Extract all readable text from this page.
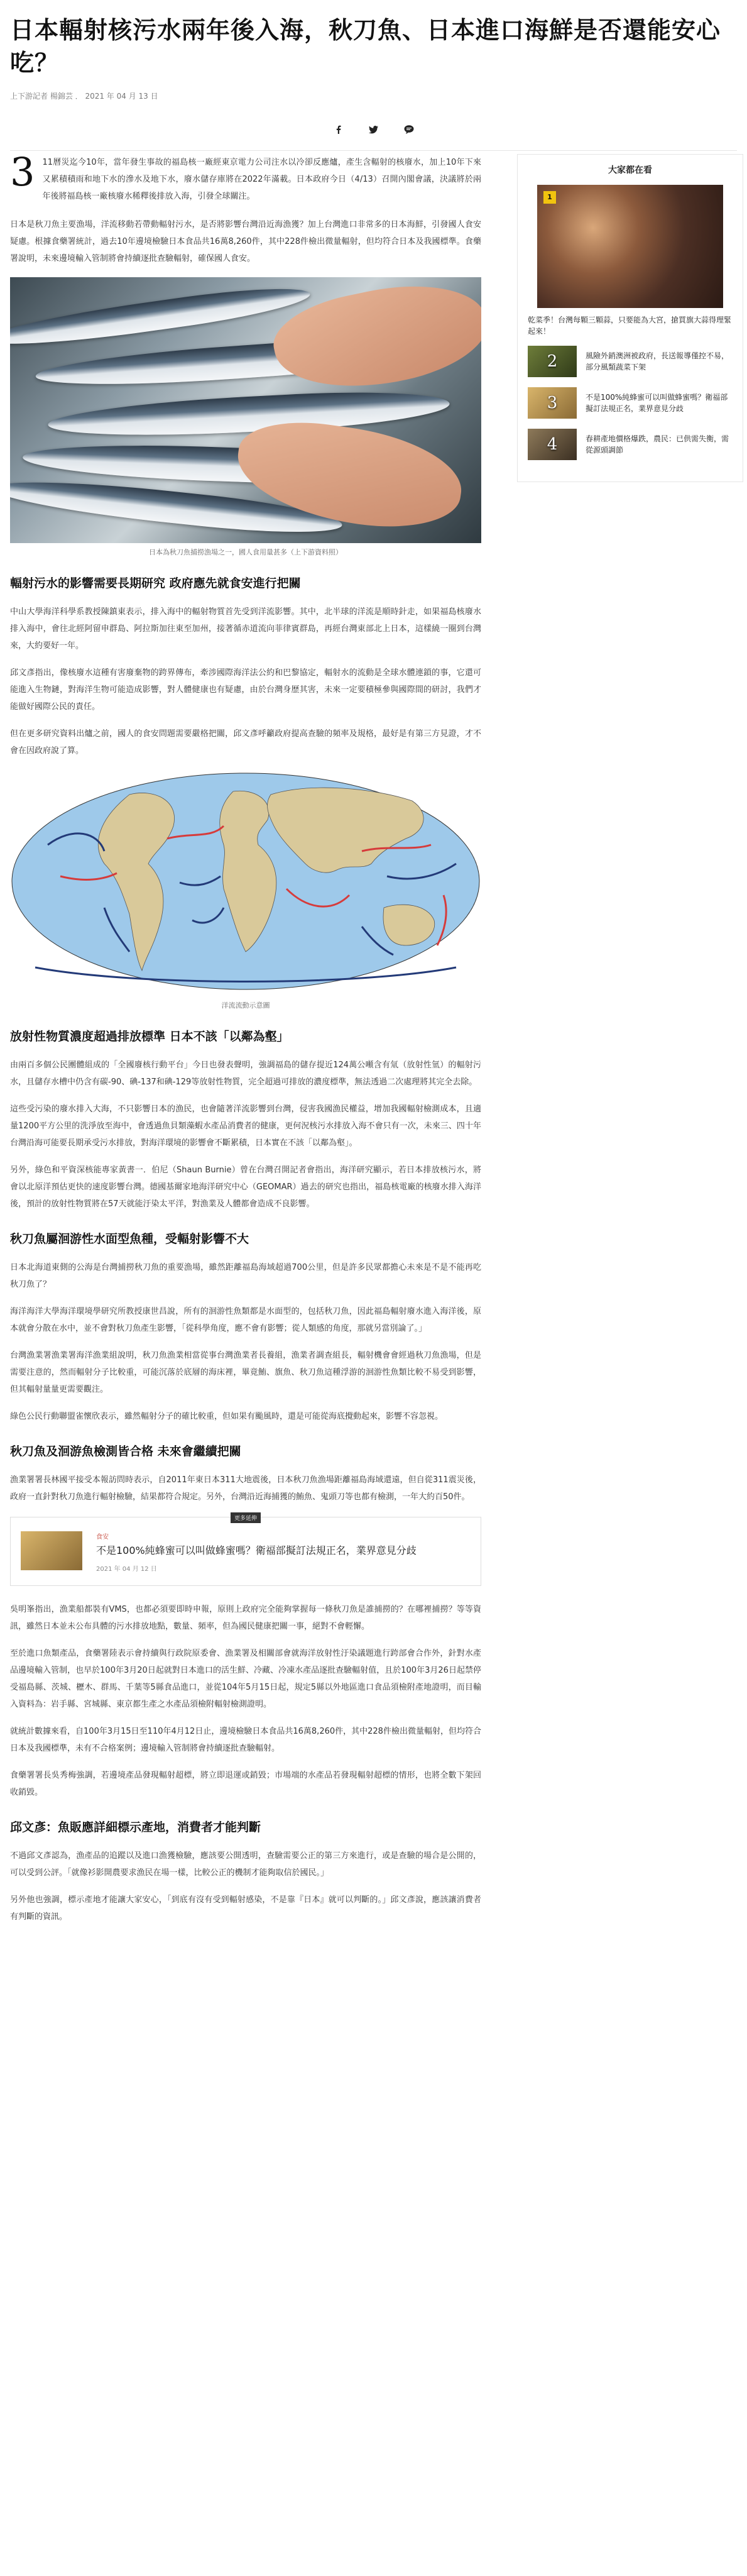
日本輻射核污水兩年後入海，秋刀魚、日本進口海鮮是否還能安心吃？
上下游記者 楊錦芸 ． 2021 年 04 月 13 日
3 11曆災迄今10年，當年發生事故的福島核一廠經東京電力公司注水以冷卻反應爐，產生含輻射的核廢水，加上10年下來又累積積雨和地下水的滲水及地下水，廢水儲存庫將在2022年滿載。日本政府今日（4/13）召開內閣會議，決議將於兩年後將福島核一廠核廢水稀釋後排放入海，引發全球關注。

日本是秋刀魚主要漁場，洋流移動若帶動輻射污水，是否將影響台灣沿近海漁獲？加上台灣進口非常多的日本海鮮，引發國人食安疑慮。根據食藥署統計，過去10年邊境檢驗日本食品共16萬8,260件，其中228件檢出微量輻射，但均符合日本及我國標準。食藥署說明，未來邊境輸入管制將會持續逐批查驗輻射，確保國人食安。

日本為秋刀魚捕撈漁場之一，國人食用量甚多（上下游資料照）
輻射污水的影響需要長期研究 政府應先就食安進行把關

中山大學海洋科學系教授陳鎮東表示，排入海中的輻射物質首先受到洋流影響。其中，北半球的洋流是順時針走，如果福島核廢水排入海中，會往北經阿留申群島、阿拉斯加往東至加州，接著循赤道流向菲律賓群島，再經台灣東部北上日本，這樣繞一圈到台灣來，大約要好一年。

邱文彥指出，像核廢水這種有害廢棄物的跨界傳布，牽涉國際海洋法公約和巴黎協定，輻射水的流動是全球水體連鎖的事，它還可能進入生物鏈，對海洋生物可能造成影響，對人體健康也有疑慮，由於台灣身歷其害，未來一定要積極參與國際間的研討，我們才能做好國際公民的責任。

但在更多研究資料出爐之前，國人的食安問題需要嚴格把關，邱文彥呼籲政府提高查驗的頻率及規格，最好是有第三方見證，才不會在因政府說了算。

洋流流動示意圖
放射性物質濃度超過排放標準 日本不該「以鄰為壑」

由兩百多個公民團體組成的「全國廢核行動平台」今日也發表聲明，強調福島的儲存提近124萬公噸含有氚（放射性氫）的輻射污水，且儲存水槽中仍含有碳-90、碘-137和碘-129等放射性物質，完全超過可排放的濃度標準，無法透過二次處理將其完全去除。

這些受污染的廢水排入大海，不只影響日本的漁民，也會隨著洋流影響到台灣，侵害我國漁民權益，增加我國輻射檢測成本，且適量1200平方公里的洗淨放至海中，會透過魚貝類藻蝦水產品消費者的健康，更何況核污水排放入海不會只有一次，未來三、四十年台灣沿海可能要長期承受污水排放，對海洋環境的影響會不斷累積，日本實在不該「以鄰為壑」。

另外，綠色和平資深核能專家黃書一．伯尼（Shaun Burnie）曾在台灣召開記者會指出，海洋研究顯示，若日本排放核污水，將會以北原洋預估更快的速度影響台灣。德國基爾家地海洋研究中心（GEOMAR）過去的研究也指出，福島核電廠的核廢水排入海洋後，預計的放射性物質將在57天就能汙染太平洋，對漁業及人體都會造成不良影響。

秋刀魚屬洄游性水面型魚種，受輻射影響不大

日本北海道東側的公海是台灣捕撈秋刀魚的重要漁場，雖然距離福島海域超過700公里，但是許多民眾都擔心未來是不是不能再吃秋刀魚了？

海洋海洋大學海洋環境學研究所教授康世昌說，所有的洄游性魚類都是水面型的，包括秋刀魚，因此福島輻射廢水進入海洋後，原本就會分散在水中，並不會對秋刀魚產生影響，「從科學角度，應不會有影響；從人類感的角度，那就另當別論了。」

台灣漁業署漁業署海洋漁業組說明，秋刀魚漁業相當從事台灣漁業者長養組，漁業者調查組長，輻射機會會經過秋刀魚漁場，但是需要注意的，然而輻射分子比較重，可能沉落於底層的海床裡，畢竟鮪、旗魚、秋刀魚這種浮游的洄游性魚類比較不易受到影響，但其輻射量量更需要觀注。

綠色公民行動聯盟雀懷欣表示，雖然輻射分子的確比較重，但如果有颱風時，還是可能從海底攪動起來，影響不容忽視。

秋刀魚及洄游魚檢測皆合格 未來會繼續把關

漁業署署長林國平接受本報訪問時表示，自2011年東日本311大地震後，日本秋刀魚漁場距離福島海域還遠，但自從311震災後，政府一直針對秋刀魚進行輻射檢驗，結果都符合規定。另外，台灣沿近海捕獲的鮪魚、鬼頭刀等也都有檢測，一年大約百50件。

更多延伸
食安
不是100%純蜂蜜可以叫做蜂蜜嗎？衛福部擬訂法規正名，業界意見分歧
2021 年 04 月 12 日

吳明峯指出，漁業船都裝有VMS，也都必須要即時申報，原則上政府完全能夠掌握每一條秋刀魚是誰捕撈的？在哪裡捕撈？等等資訊，雖然日本並未公布具體的污水排放地點，數量、頻率，但為國民健康把關一事，絕對不會輕懈。

至於進口魚類產品，食藥署陸表示會持續與行政院原委會、漁業署及相關部會就海洋放射性汙染議題進行跨部會合作外，針對水產品邊境輸入管制，也早於100年3月20日起就對日本進口的活生鮮、冷藏、冷凍水產品逐批查驗輻射值，且於100年3月26日起禁停受福島縣、茨城、櫪木、群馬、千葉等5縣食品進口，並從104年5月15日起，規定5縣以外地區進口食品須檢附產地證明，而目輸入資料為：岩手縣、宮城縣、東京都生產之水產品須檢附輻射檢測證明。

就統計數據來看，自100年3月15日至110年4月12日止，邊境檢驗日本食品共16萬8,260件，其中228件檢出微量輻射，但均符合日本及我國標準，未有不合格案例；邊境輸入管制將會持續逐批查驗輻射。

食藥署署長吳秀梅強調，若邊境產品發現輻射超標，將立即退運或銷毀；市場端的水產品若發現輻射超標的情形，也將全數下架回收銷毀。

邱文彥：魚販應詳細標示產地，消費者才能判斷

不過邱文彥認為，漁產品的追蹤以及進口漁獲檢驗，應該要公開透明，查驗需要公正的第三方來進行，或是查驗的場合是公開的，可以受到公評。「就像衫影開農要求漁民在場一樣，比較公正的機制才能夠取信於國民。」

另外他也強調，標示產地才能讓大家安心，「到底有沒有受到輻射感染，不是靠『日本』就可以判斷的。」邱文彥說，應該讓消費者有判斷的資訊。

大家都在看
1
乾菜季！台灣每顆三顆蒜，只要能為大宮，搶買旗大蒜得理緊起來！
2	風險外銷澳洲被政府，長送報導僅控不易，部分風類蔬菜下架
3	不是100%純蜂蜜可以叫做蜂蜜嗎？衛福部擬訂法規正名，業界意見分歧
4	春耕產地價格爆跌，農民：已供需失衡，需從源頭調節
